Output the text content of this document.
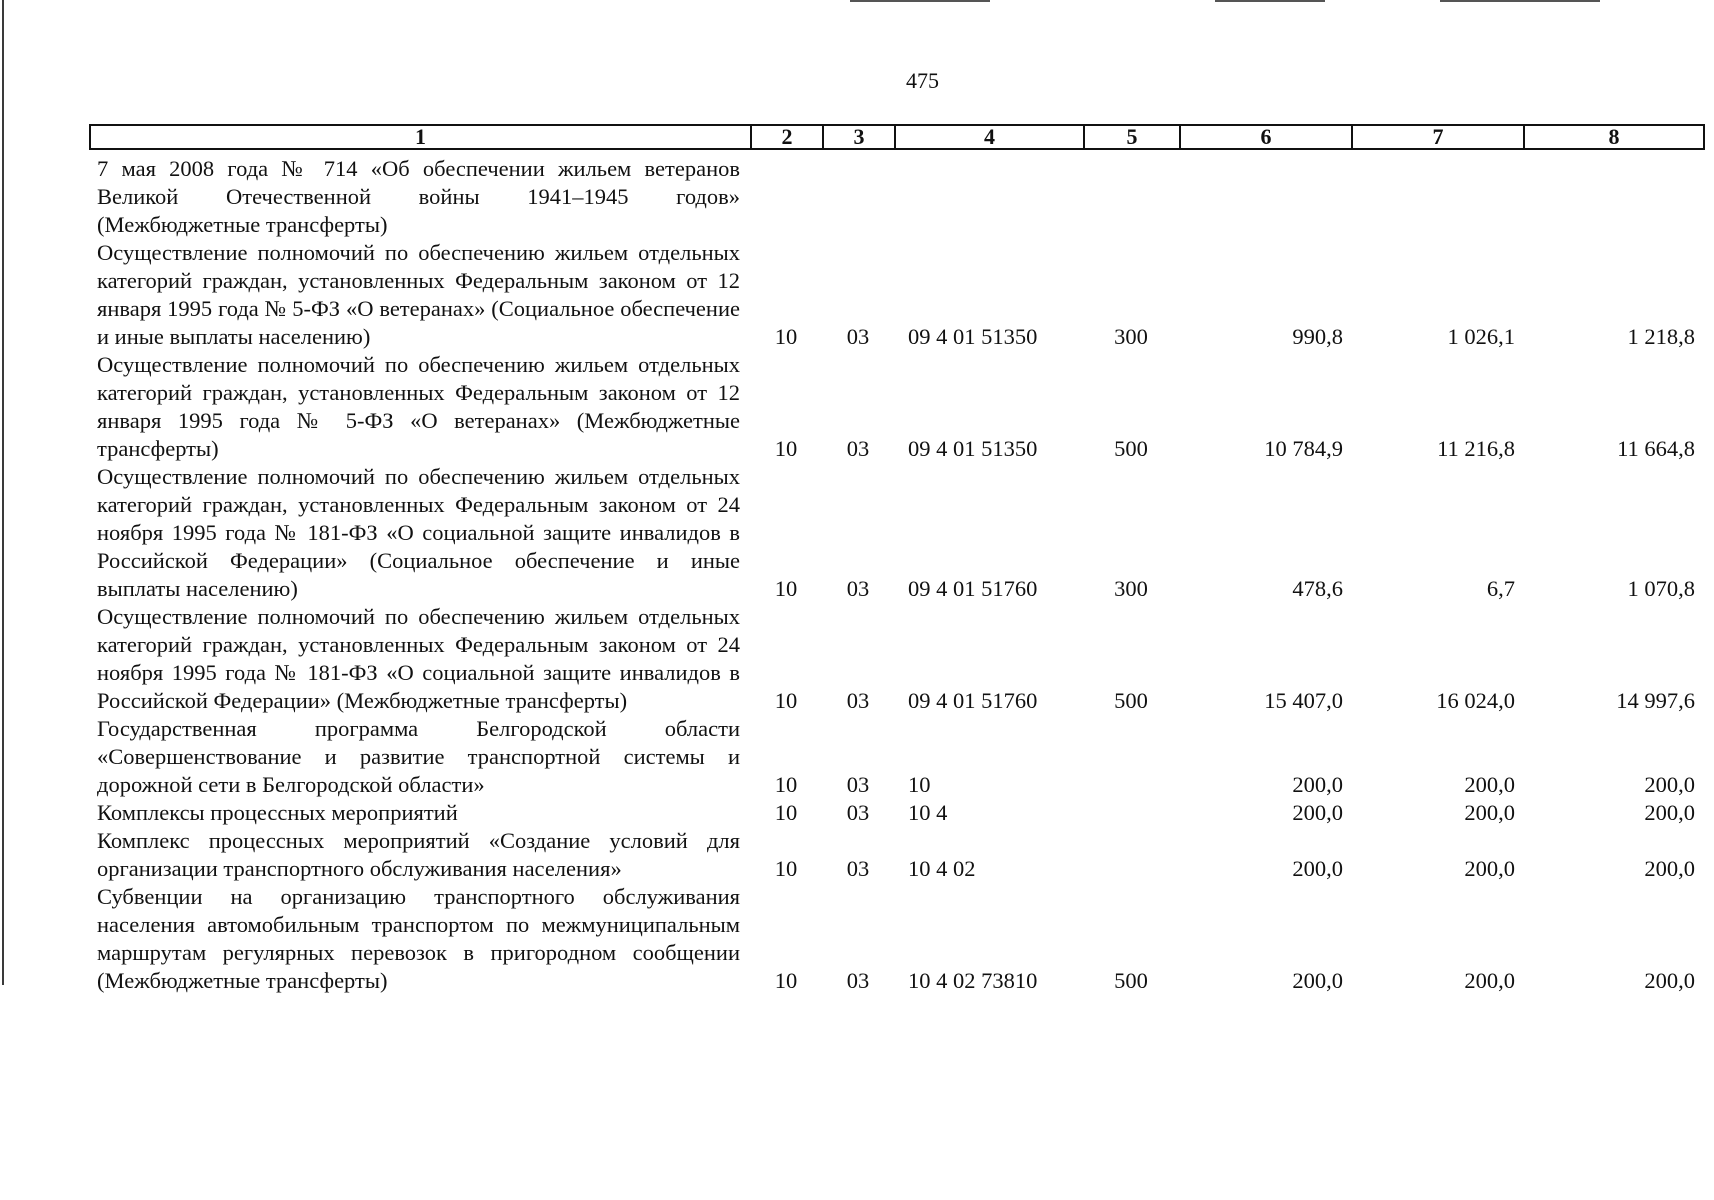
475
1	2	3	4	5	6	7	8
7 мая 2008 года № 714 «Об обеспечении жильем ветеранов Великой Отечественной войны 1941–1945 годов» (Межбюджетные трансферты)							
Осуществление полномочий по обеспечению жильем отдельных категорий граждан, установленных Федеральным законом от 12 января 1995 года № 5-ФЗ «О ветеранах» (Социальное обеспечение и иные выплаты населению)	10	03	09 4 01 51350	300	990,8	1 026,1	1 218,8
Осуществление полномочий по обеспечению жильем отдельных категорий граждан, установленных Федеральным законом от 12 января 1995 года № 5-ФЗ «О ветеранах» (Межбюджетные трансферты)	10	03	09 4 01 51350	500	10 784,9	11 216,8	11 664,8
Осуществление полномочий по обеспечению жильем отдельных категорий граждан, установленных Федеральным законом от 24 ноября 1995 года № 181-ФЗ «О социальной защите инвалидов в Российской Федерации» (Социальное обеспечение и иные выплаты населению)	10	03	09 4 01 51760	300	478,6	6,7	1 070,8
Осуществление полномочий по обеспечению жильем отдельных категорий граждан, установленных Федеральным законом от 24 ноября 1995 года № 181-ФЗ «О социальной защите инвалидов в Российской Федерации» (Межбюджетные трансферты)	10	03	09 4 01 51760	500	15 407,0	16 024,0	14 997,6
Государственная программа Белгородской области «Совершенствование и развитие транспортной системы и дорожной сети в Белгородской области»	10	03	10		200,0	200,0	200,0
Комплексы процессных мероприятий	10	03	10 4		200,0	200,0	200,0
Комплекс процессных мероприятий «Создание условий для организации транспортного обслуживания населения»	10	03	10 4 02		200,0	200,0	200,0
Субвенции на организацию транспортного обслуживания населения автомобильным транспортом по межмуниципальным маршрутам регулярных перевозок в пригородном сообщении (Межбюджетные трансферты)	10	03	10 4 02 73810	500	200,0	200,0	200,0
